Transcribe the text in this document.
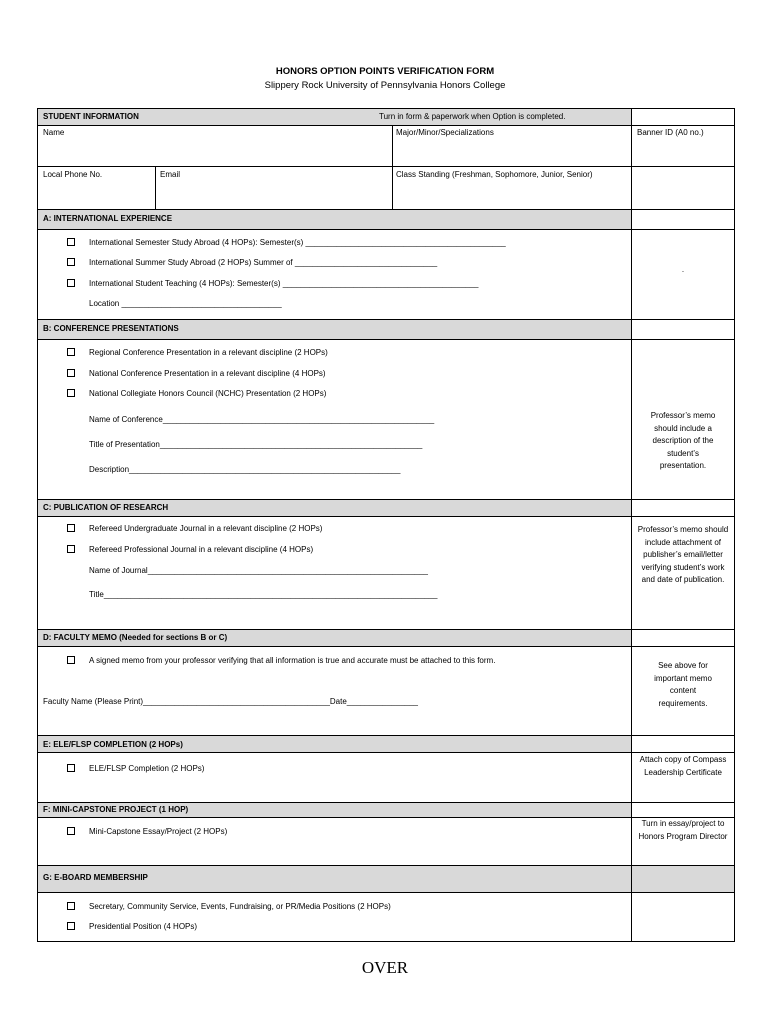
HONORS OPTION POINTS VERIFICATION FORM
Slippery Rock University of Pennsylvania Honors College
STUDENT INFORMATION	Turn in form & paperwork when Option is completed.
Name	Major/Minor/Specializations	Banner ID (A0 no.)
Local Phone No.	Email	Class Standing (Freshman, Sophomore, Junior, Senior)
A: INTERNATIONAL EXPERIENCE
International Semester Study Abroad (4 HOPs): Semester(s) _____________________________________________
International Summer Study Abroad (2 HOPs) Summer of ________________________________
International Student Teaching (4 HOPs): Semester(s) ____________________________________________
Location ____________________________________
.
B: CONFERENCE PRESENTATIONS
Regional Conference Presentation in a relevant discipline (2 HOPs)
National Conference Presentation in a relevant discipline (4 HOPs)
National Collegiate Honors Council (NCHC) Presentation (2 HOPs)
Name of Conference_____________________________________________________________
Title of Presentation___________________________________________________________
Description_____________________________________________________________
Professor’s memo should include a description of the student’s presentation.
C: PUBLICATION OF RESEARCH
Refereed Undergraduate Journal in a relevant discipline (2 HOPs)
Refereed Professional Journal in a relevant discipline (4 HOPs)
Name of Journal_______________________________________________________________
Title___________________________________________________________________________
Professor’s memo should include attachment of publisher’s email/letter verifying student’s work and date of publication.
D: FACULTY MEMO (Needed for sections B or C)
A signed memo from your professor verifying that all information is true and accurate must be attached to this form.
Faculty Name (Please Print)__________________________________________Date________________
See above for important memo content requirements.
E: ELE/FLSP COMPLETION (2 HOPs)
ELE/FLSP Completion (2 HOPs)
Attach copy of Compass Leadership Certificate
F: MINI-CAPSTONE PROJECT (1 HOP)
Mini-Capstone Essay/Project (2 HOPs)
Turn in essay/project to Honors Program Director
G: E-BOARD MEMBERSHIP
Secretary, Community Service, Events, Fundraising, or PR/Media Positions (2 HOPs)
Presidential Position (4 HOPs)
OVER
